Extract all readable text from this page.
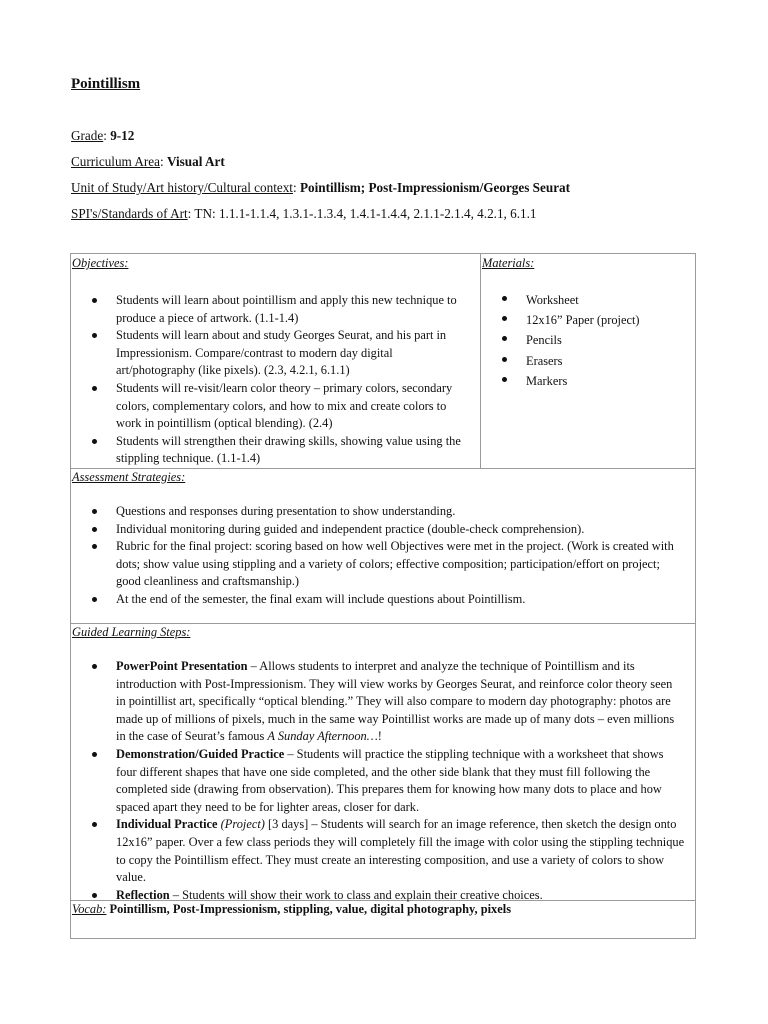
Pointillism
Grade: 9-12
Curriculum Area: Visual Art
Unit of Study/Art history/Cultural context: Pointillism; Post-Impressionism/Georges Seurat
SPI's/Standards of Art: TN: 1.1.1-1.1.4, 1.3.1-.1.3.4, 1.4.1-1.4.4, 2.1.1-2.1.4, 4.2.1, 6.1.1
Objectives:
Students will learn about pointillism and apply this new technique to produce a piece of artwork. (1.1-1.4)
Students will learn about and study Georges Seurat, and his part in Impressionism. Compare/contrast to modern day digital art/photography (like pixels). (2.3, 4.2.1, 6.1.1)
Students will re-visit/learn color theory – primary colors, secondary colors, complementary colors, and how to mix and create colors to work in pointillism (optical blending). (2.4)
Students will strengthen their drawing skills, showing value using the stippling technique. (1.1-1.4)
Materials:
Worksheet
12x16” Paper (project)
Pencils
Erasers
Markers
Assessment Strategies:
Questions and responses during presentation to show understanding.
Individual monitoring during guided and independent practice (double-check comprehension).
Rubric for the final project: scoring based on how well Objectives were met in the project. (Work is created with dots; show value using stippling and a variety of colors; effective composition; participation/effort on project; good cleanliness and craftsmanship.)
At the end of the semester, the final exam will include questions about Pointillism.
Guided Learning Steps:
PowerPoint Presentation – Allows students to interpret and analyze the technique of Pointillism and its introduction with Post-Impressionism. They will view works by Georges Seurat, and reinforce color theory seen in pointillist art, specifically “optical blending.” They will also compare to modern day photography: photos are made up of millions of pixels, much in the same way Pointillist works are made up of many dots – even millions in the case of Seurat’s famous A Sunday Afternoon…!
Demonstration/Guided Practice – Students will practice the stippling technique with a worksheet that shows four different shapes that have one side completed, and the other side blank that they must fill following the completed side (drawing from observation). This prepares them for knowing how many dots to place and how spaced apart they need to be for lighter areas, closer for dark.
Individual Practice (Project) [3 days] – Students will search for an image reference, then sketch the design onto 12x16” paper. Over a few class periods they will completely fill the image with color using the stippling technique to copy the Pointillism effect. They must create an interesting composition, and use a variety of colors to show value.
Reflection – Students will show their work to class and explain their creative choices.
Vocab: Pointillism, Post-Impressionism, stippling, value, digital photography, pixels
